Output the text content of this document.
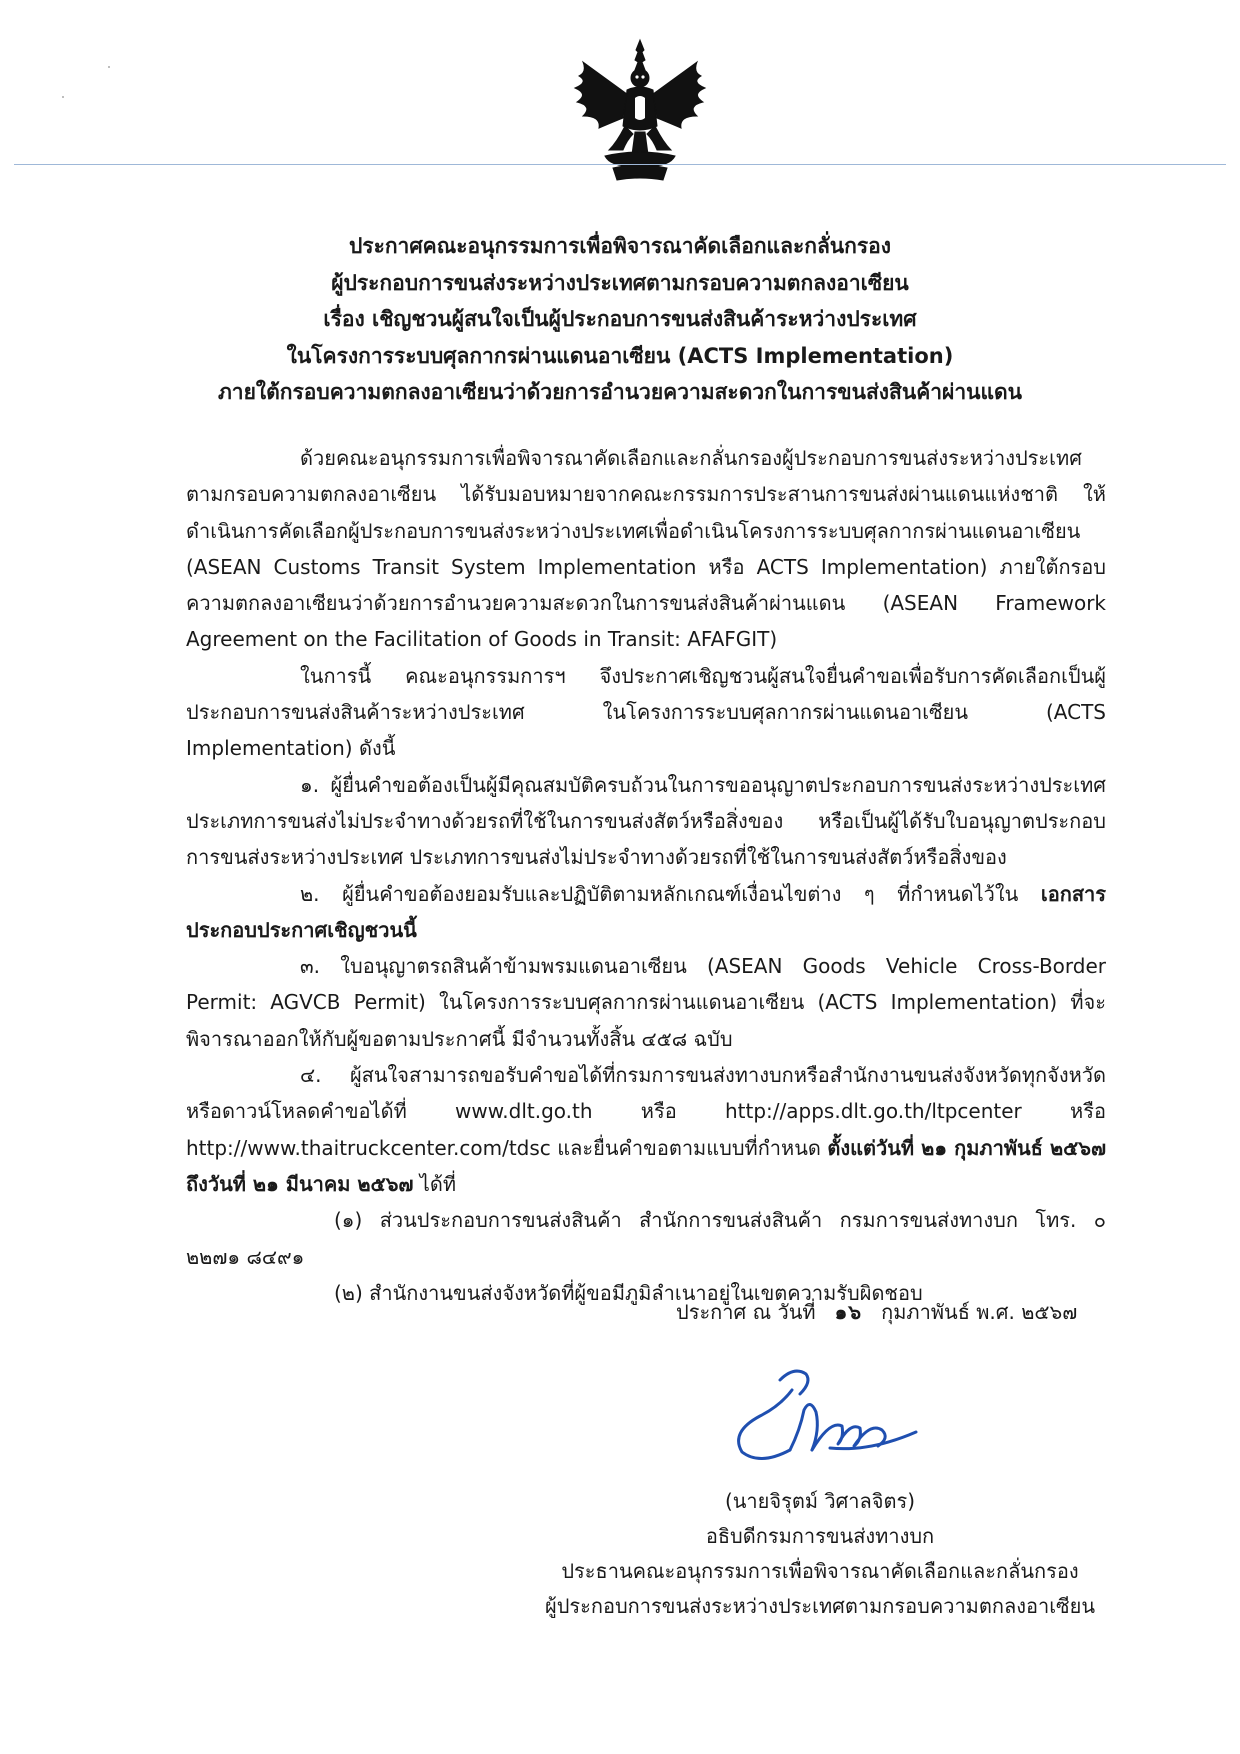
ประกาศคณะอนุกรรมการเพื่อพิจารณาคัดเลือกและกลั่นกรอง
ผู้ประกอบการขนส่งระหว่างประเทศตามกรอบความตกลงอาเซียน
เรื่อง เชิญชวนผู้สนใจเป็นผู้ประกอบการขนส่งสินค้าระหว่างประเทศ
ในโครงการระบบศุลกากรผ่านแดนอาเซียน (ACTS Implementation)
ภายใต้กรอบความตกลงอาเซียนว่าด้วยการอำนวยความสะดวกในการขนส่งสินค้าผ่านแดน
ด้วยคณะอนุกรรมการเพื่อพิจารณาคัดเลือกและกลั่นกรองผู้ประกอบการขนส่งระหว่างประเทศตามกรอบความตกลงอาเซียน ได้รับมอบหมายจากคณะกรรมการประสานการขนส่งผ่านแดนแห่งชาติ ให้ดำเนินการคัดเลือกผู้ประกอบการขนส่งระหว่างประเทศเพื่อดำเนินโครงการระบบศุลกากรผ่านแดนอาเซียน (ASEAN Customs Transit System Implementation หรือ ACTS Implementation) ภายใต้กรอบความตกลงอาเซียนว่าด้วยการอำนวยความสะดวกในการขนส่งสินค้าผ่านแดน (ASEAN Framework Agreement on the Facilitation of Goods in Transit: AFAFGIT)
ในการนี้ คณะอนุกรรมการฯ จึงประกาศเชิญชวนผู้สนใจยื่นคำขอเพื่อรับการคัดเลือกเป็นผู้ประกอบการขนส่งสินค้าระหว่างประเทศ ในโครงการระบบศุลกากรผ่านแดนอาเซียน (ACTS Implementation) ดังนี้
๑. ผู้ยื่นคำขอต้องเป็นผู้มีคุณสมบัติครบถ้วนในการขออนุญาตประกอบการขนส่งระหว่างประเทศ ประเภทการขนส่งไม่ประจำทางด้วยรถที่ใช้ในการขนส่งสัตว์หรือสิ่งของ หรือเป็นผู้ได้รับใบอนุญาตประกอบการขนส่งระหว่างประเทศ ประเภทการขนส่งไม่ประจำทางด้วยรถที่ใช้ในการขนส่งสัตว์หรือสิ่งของ
๒. ผู้ยื่นคำขอต้องยอมรับและปฏิบัติตามหลักเกณฑ์เงื่อนไขต่าง ๆ ที่กำหนดไว้ใน เอกสารประกอบประกาศเชิญชวนนี้
๓. ใบอนุญาตรถสินค้าข้ามพรมแดนอาเซียน (ASEAN Goods Vehicle Cross-Border Permit: AGVCB Permit) ในโครงการระบบศุลกากรผ่านแดนอาเซียน (ACTS Implementation) ที่จะพิจารณาออกให้กับผู้ขอตามประกาศนี้ มีจำนวนทั้งสิ้น ๔๕๘ ฉบับ
๔. ผู้สนใจสามารถขอรับคำขอได้ที่กรมการขนส่งทางบกหรือสำนักงานขนส่งจังหวัดทุกจังหวัดหรือดาวน์โหลดคำขอได้ที่ www.dlt.go.th หรือ http://apps.dlt.go.th/ltpcenter หรือ http://www.thaitruckcenter.com/tdsc และยื่นคำขอตามแบบที่กำหนด ตั้งแต่วันที่ ๒๑ กุมภาพันธ์ ๒๕๖๗ ถึงวันที่ ๒๑ มีนาคม ๒๕๖๗ ได้ที่
(๑) ส่วนประกอบการขนส่งสินค้า สำนักการขนส่งสินค้า กรมการขนส่งทางบก โทร. ๐ ๒๒๗๑ ๘๔๙๑
(๒) สำนักงานขนส่งจังหวัดที่ผู้ขอมีภูมิลำเนาอยู่ในเขตความรับผิดชอบ
ประกาศ ณ วันที่ ๑๖ กุมภาพันธ์ พ.ศ. ๒๕๖๗
(นายจิรุตม์ วิศาลจิตร)
อธิบดีกรมการขนส่งทางบก
ประธานคณะอนุกรรมการเพื่อพิจารณาคัดเลือกและกลั่นกรอง
ผู้ประกอบการขนส่งระหว่างประเทศตามกรอบความตกลงอาเซียน
